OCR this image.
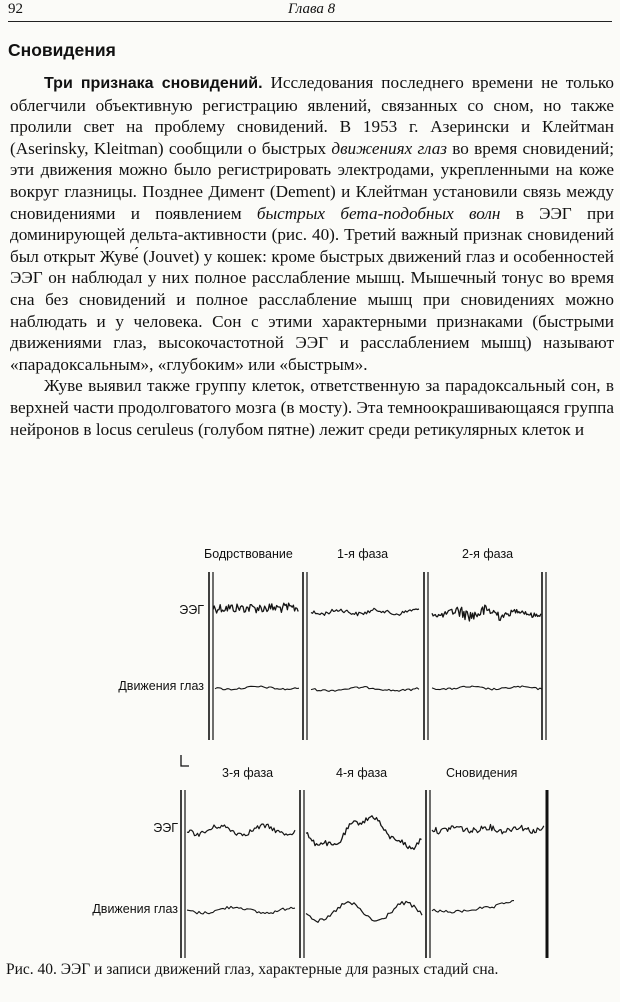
92	Глава 8
Сновидения

Три признака сновидений. Исследования последнего времени не только облегчили объективную регистрацию явлений, связанных со сном, но также пролили свет на проблему сновидений. В 1953 г. Азерински и Клейтман (Aserinsky, Kleitman) сообщили о быстрых движениях глаз во время сновидений; эти движения можно было регистрировать электродами, укрепленными на коже вокруг глазницы. Позднее Димент (Dement) и Клейтман установили связь между сновидениями и появлением быстрых бета-подобных волн в ЭЭГ при доминирующей дельта-активности (рис. 40). Третий важный признак сновидений был открыт Жуве́ (Jouvet) у кошек: кроме быстрых движений глаз и особенностей ЭЭГ он наблюдал у них полное расслабление мышц. Мышечный тонус во время сна без сновидений и полное расслабление мышц при сновидениях можно наблюдать и у человека. Сон с этими характерными признаками (быстрыми движениями глаз, высокочастотной ЭЭГ и расслаблением мышц) называют «парадоксальным», «глубоким» или «быстрым».

Жуве выявил также группу клеток, ответственную за парадоксальный сон, в верхней части продолговатого мозга (в мосту). Эта темноокрашивающаяся группа нейронов в locus ceruleus (голубом пятне) лежит среди ретикулярных клеток и

Бодрствование	1-я фаза	2-я фаза
ЭЭГ
Движения глаз
3-я фаза	4-я фаза	Сновидения
ЭЭГ
Движения глаз
Рис. 40. ЭЭГ и записи движений глаз, характерные для разных стадий сна.
